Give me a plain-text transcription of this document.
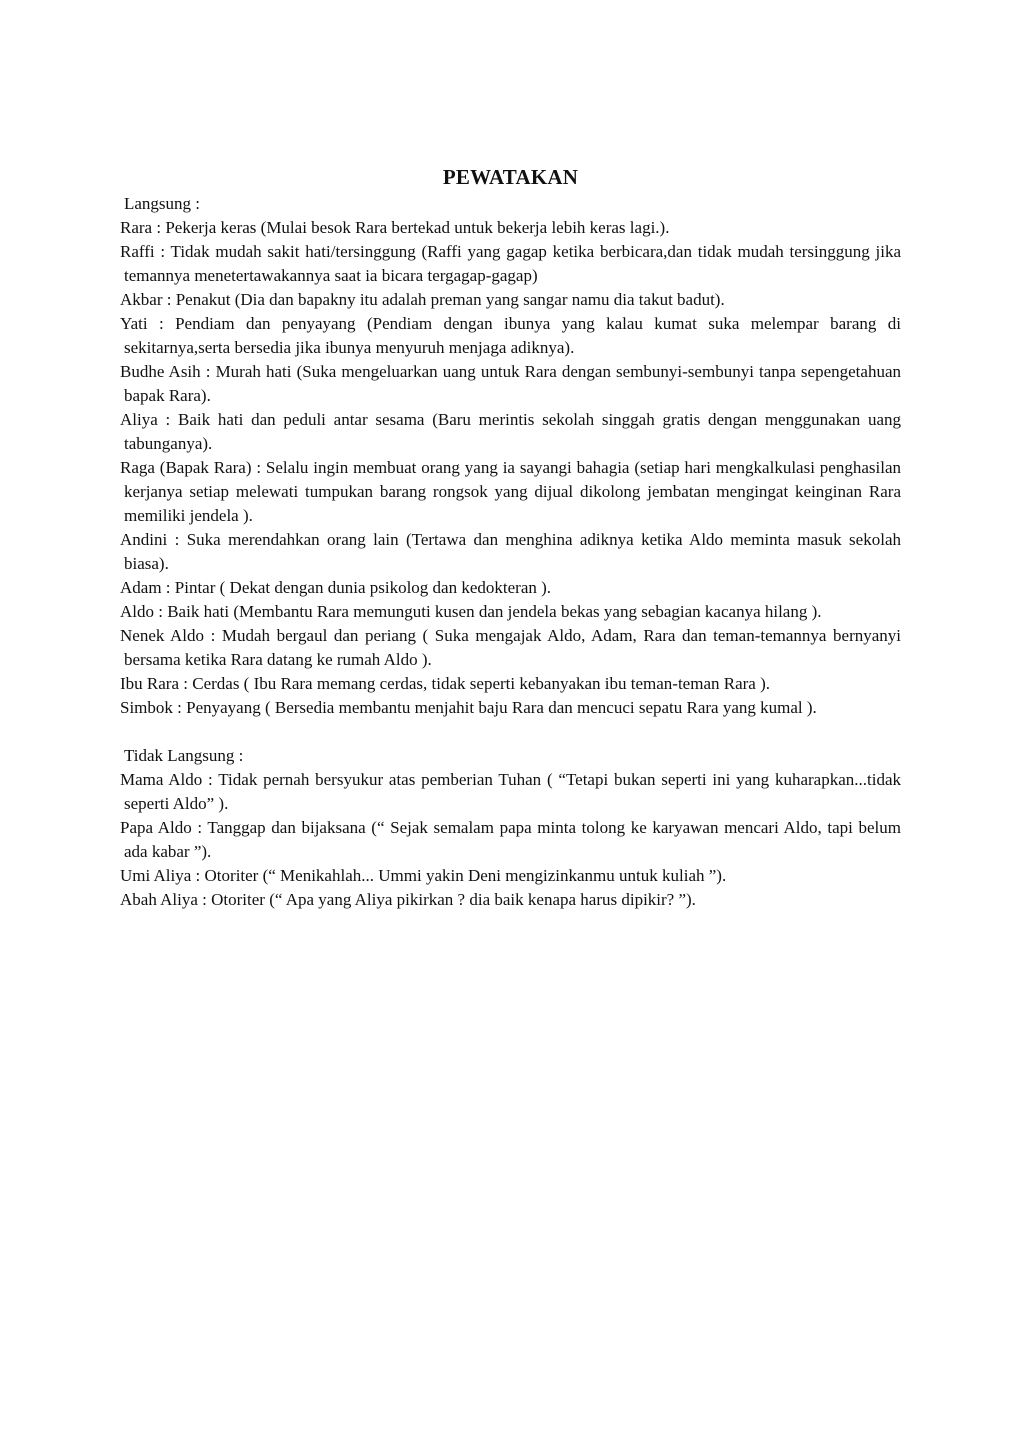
PEWATAKAN

Langsung :

Rara : Pekerja keras (Mulai besok Rara bertekad untuk bekerja lebih keras lagi.).

Raffi : Tidak mudah sakit hati/tersinggung (Raffi yang gagap ketika berbicara,dan tidak mudah tersinggung jika temannya menetertawakannya saat ia bicara tergagap-gagap)

Akbar : Penakut (Dia dan bapakny itu adalah preman yang sangar namu dia takut badut).

Yati : Pendiam dan penyayang (Pendiam dengan ibunya yang kalau kumat suka melempar barang di sekitarnya,serta bersedia jika ibunya menyuruh menjaga adiknya).

Budhe Asih : Murah hati (Suka mengeluarkan uang untuk Rara dengan sembunyi-sembunyi tanpa sepengetahuan bapak Rara).

Aliya : Baik hati dan peduli antar sesama (Baru merintis sekolah singgah gratis dengan menggunakan uang tabunganya).

Raga (Bapak Rara) : Selalu ingin membuat orang yang ia sayangi bahagia (setiap hari mengkalkulasi penghasilan kerjanya setiap melewati tumpukan barang rongsok yang dijual dikolong jembatan mengingat keinginan Rara memiliki jendela ).

Andini : Suka merendahkan orang lain (Tertawa dan menghina adiknya ketika Aldo meminta masuk sekolah biasa).

Adam : Pintar ( Dekat dengan dunia psikolog dan kedokteran ).

Aldo : Baik hati (Membantu Rara memunguti kusen dan jendela bekas yang sebagian kacanya hilang ).

Nenek Aldo : Mudah bergaul dan periang ( Suka mengajak Aldo, Adam, Rara dan teman-temannya bernyanyi bersama ketika Rara datang ke rumah Aldo ).

Ibu Rara : Cerdas ( Ibu Rara memang cerdas, tidak seperti kebanyakan ibu teman-teman Rara ).

Simbok : Penyayang ( Bersedia membantu menjahit baju Rara dan mencuci sepatu Rara yang kumal ).

Tidak Langsung :

Mama Aldo : Tidak pernah bersyukur atas pemberian Tuhan ( “Tetapi bukan seperti ini yang kuharapkan...tidak seperti Aldo” ).

Papa Aldo : Tanggap dan bijaksana (“ Sejak semalam papa minta tolong ke karyawan mencari Aldo, tapi belum ada kabar ”).

Umi Aliya : Otoriter (“ Menikahlah... Ummi yakin Deni mengizinkanmu untuk kuliah ”).

Abah Aliya : Otoriter (“ Apa yang Aliya pikirkan ? dia baik kenapa harus dipikir? ”).
